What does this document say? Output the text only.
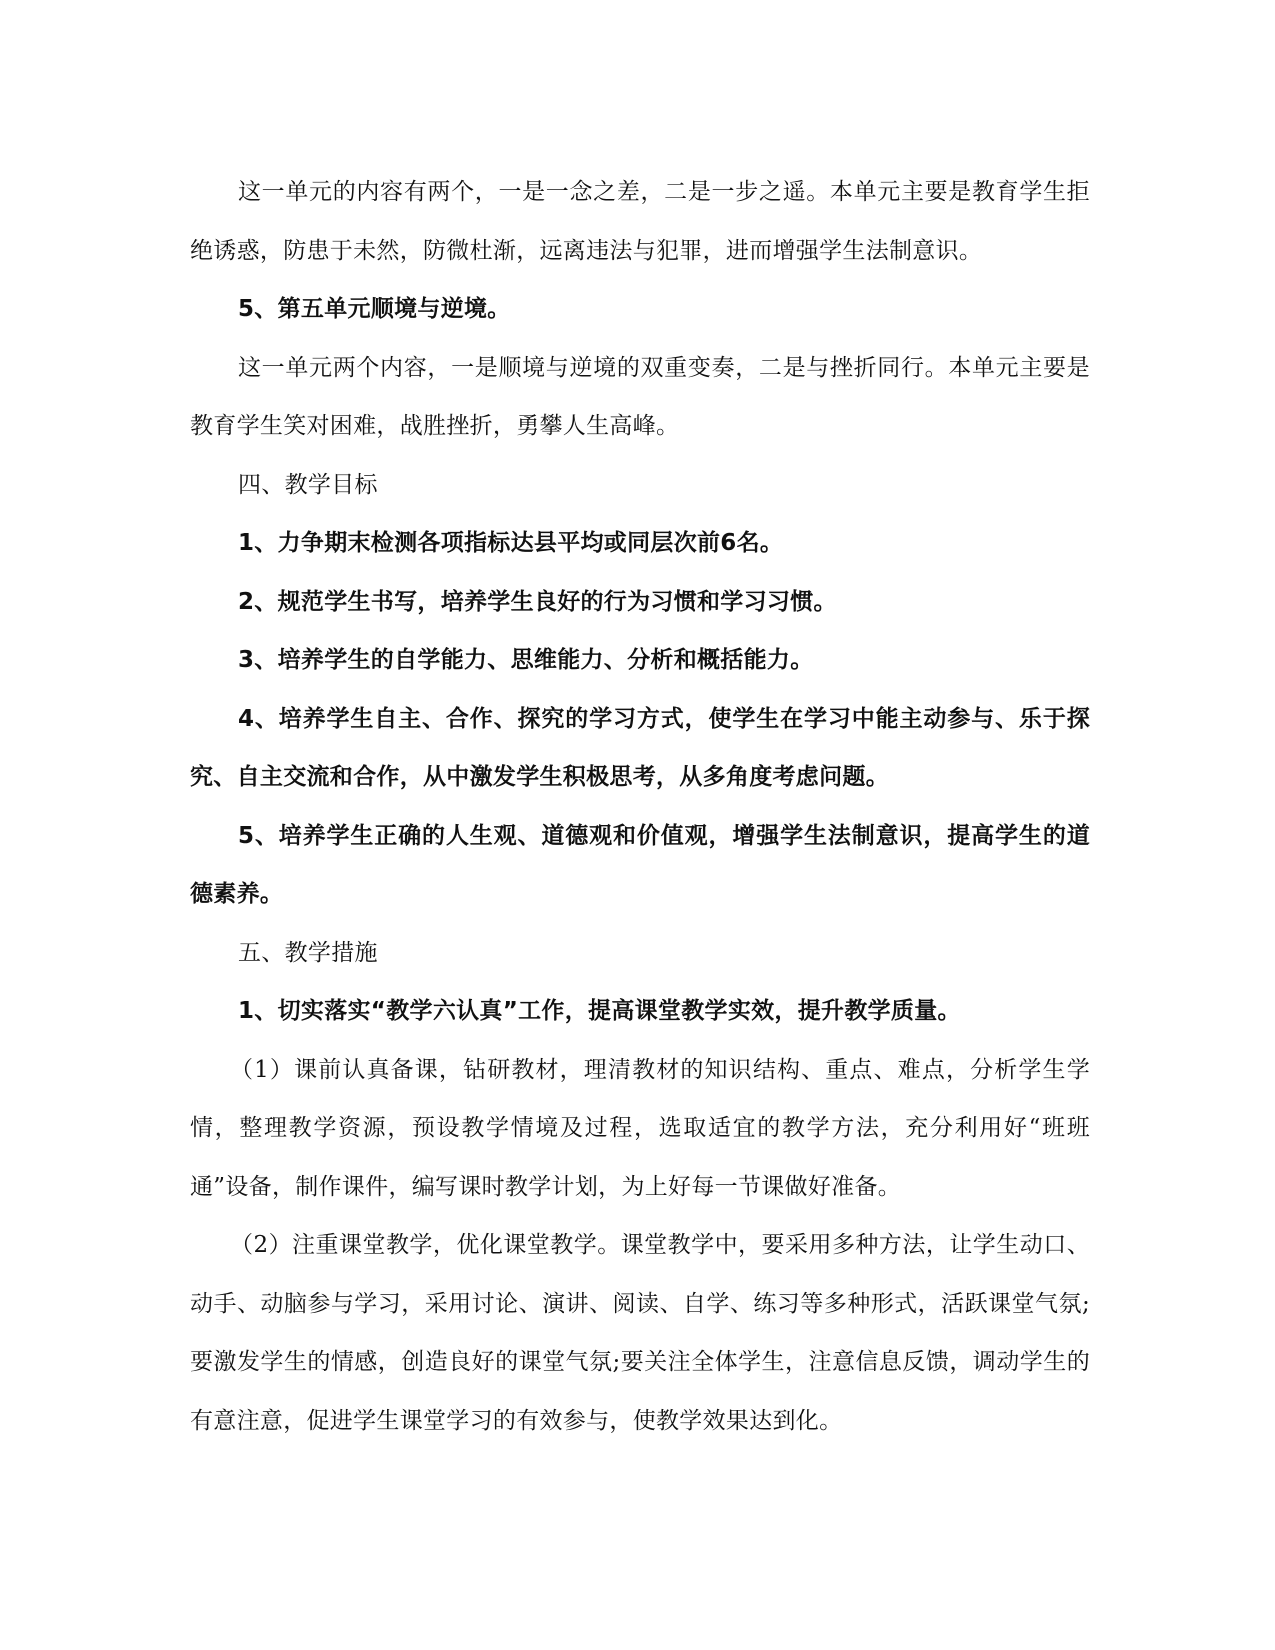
这一单元的内容有两个，一是一念之差，二是一步之遥。本单元主要是教育学生拒绝诱惑，防患于未然，防微杜渐，远离违法与犯罪，进而增强学生法制意识。

5、第五单元顺境与逆境。

这一单元两个内容，一是顺境与逆境的双重变奏，二是与挫折同行。本单元主要是教育学生笑对困难，战胜挫折，勇攀人生高峰。

四、教学目标

1、力争期末检测各项指标达县平均或同层次前6名。

2、规范学生书写，培养学生良好的行为习惯和学习习惯。

3、培养学生的自学能力、思维能力、分析和概括能力。

4、培养学生自主、合作、探究的学习方式，使学生在学习中能主动参与、乐于探究、自主交流和合作，从中激发学生积极思考，从多角度考虑问题。

5、培养学生正确的人生观、道德观和价值观，增强学生法制意识，提高学生的道德素养。

五、教学措施

1、切实落实“教学六认真”工作，提高课堂教学实效，提升教学质量。

（1）课前认真备课，钻研教材，理清教材的知识结构、重点、难点，分析学生学情，整理教学资源，预设教学情境及过程，选取适宜的教学方法，充分利用好“班班通”设备，制作课件，编写课时教学计划，为上好每一节课做好准备。

（2）注重课堂教学，优化课堂教学。课堂教学中，要采用多种方法，让学生动口、动手、动脑参与学习，采用讨论、演讲、阅读、自学、练习等多种形式，活跃课堂气氛;要激发学生的情感，创造良好的课堂气氛;要关注全体学生，注意信息反馈，调动学生的有意注意，促进学生课堂学习的有效参与，使教学效果达到化。
